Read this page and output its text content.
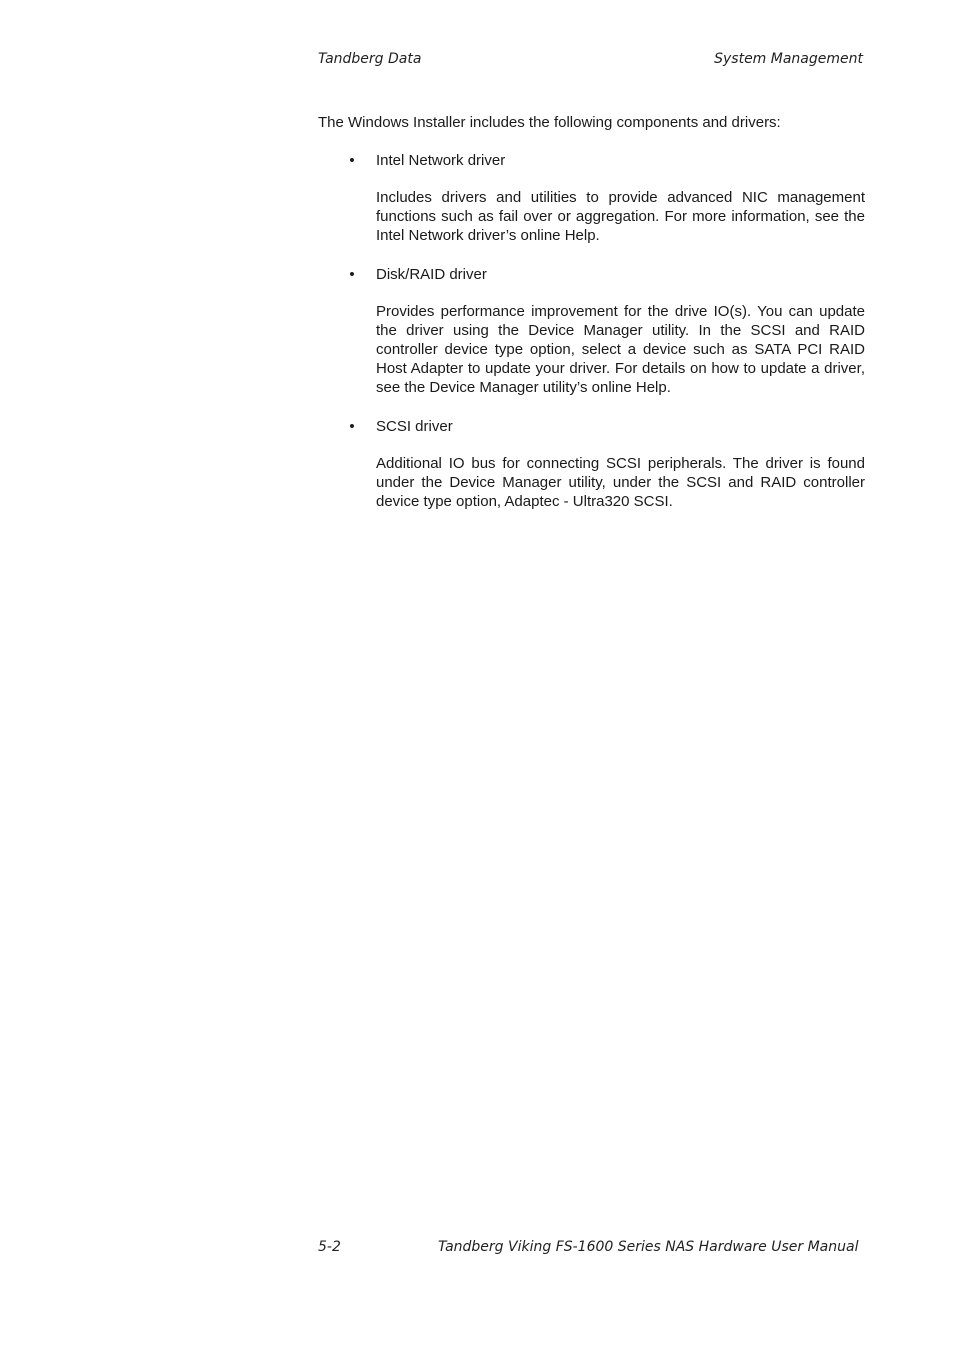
Tandberg Data	System Management

The Windows Installer includes the following components and drivers:

• Intel Network driver

Includes drivers and utilities to provide advanced NIC management functions such as fail over or aggregation. For more information, see the Intel Network driver’s online Help.

• Disk/RAID driver

Provides performance improvement for the drive IO(s). You can update the driver using the Device Manager utility. In the SCSI and RAID controller device type option, select a device such as SATA PCI RAID Host Adapter to update your driver. For details on how to update a driver, see the Device Manager utility’s online Help.

• SCSI driver

Additional IO bus for connecting SCSI peripherals. The driver is found under the Device Manager utility, under the SCSI and RAID controller device type option, Adaptec - Ultra320 SCSI.

5-2	Tandberg Viking FS-1600 Series NAS Hardware User Manual
